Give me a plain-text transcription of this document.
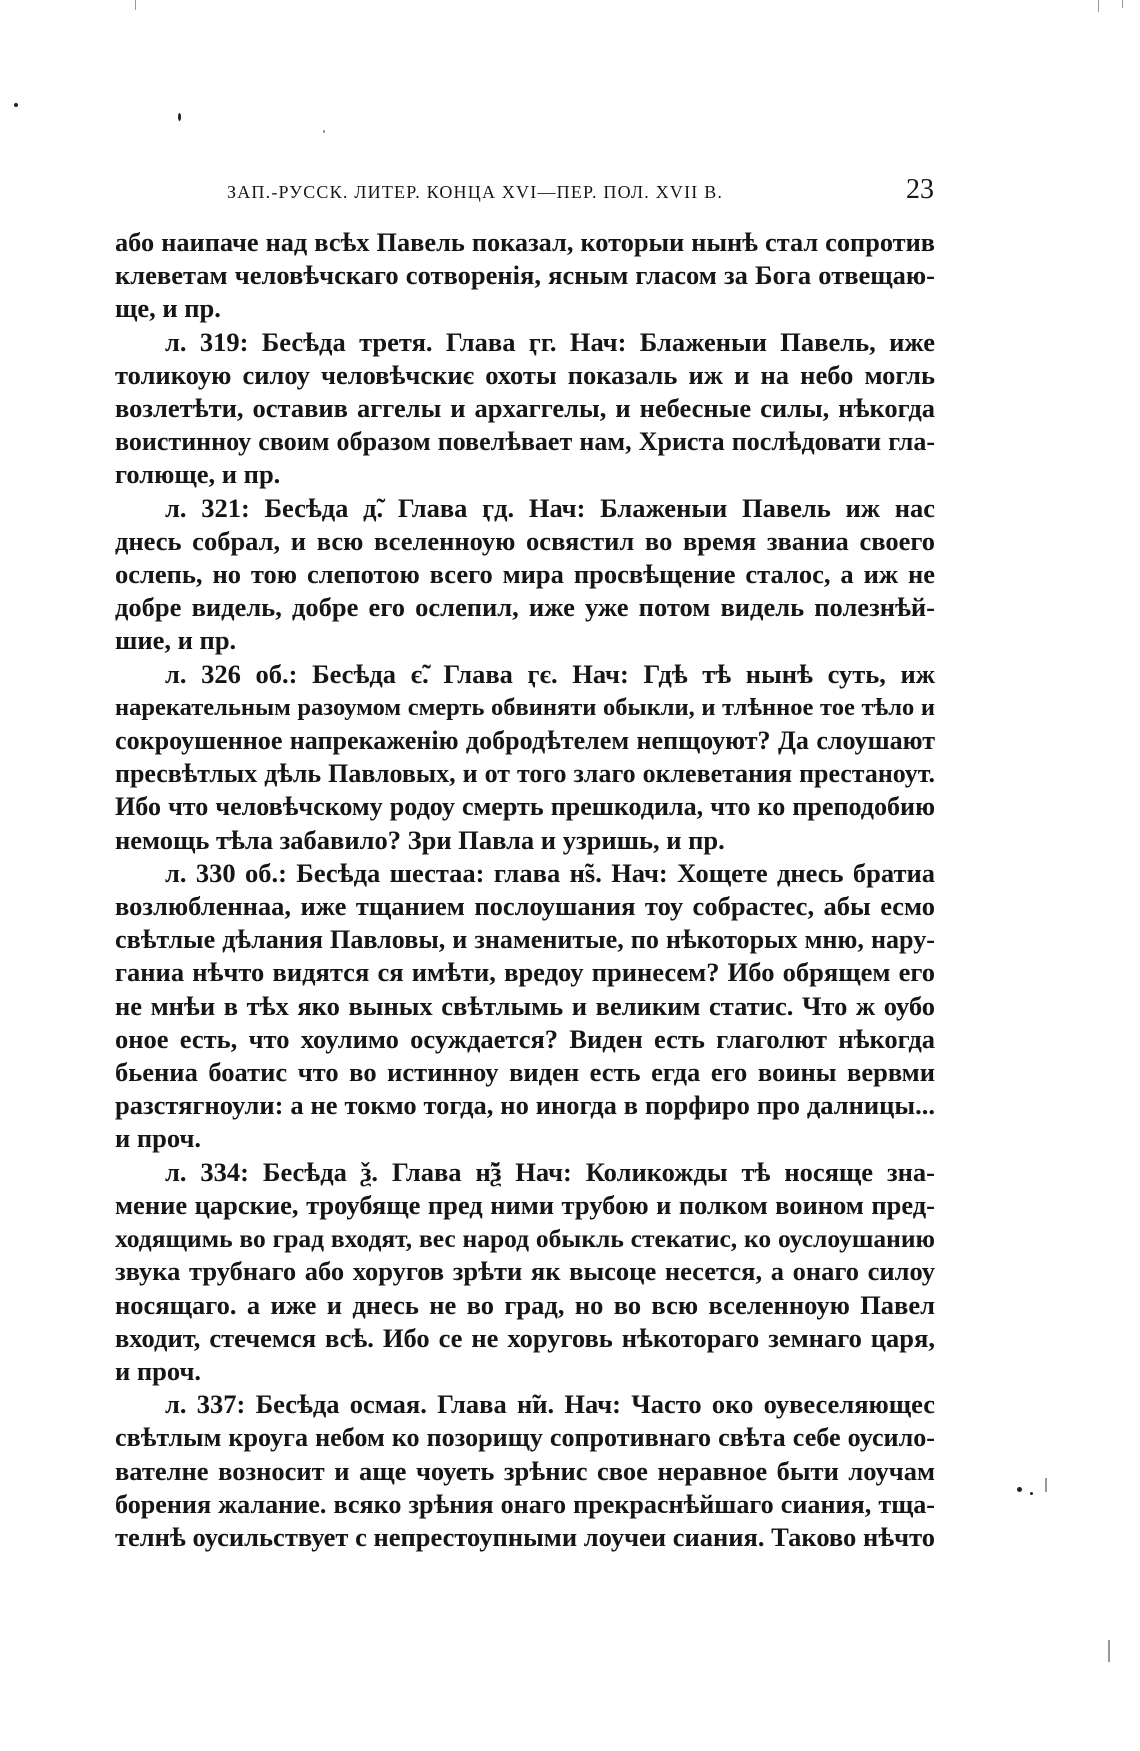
ЗАП.-РУССК. ЛИТЕР. КОНЦА XVI—ПЕР. ПОЛ. XVII В.	23

або наипаче над всѣх Павель показал, которыи нынѣ стал сопротив
клеветам человѣчскаго сотворенія, ясным гласом за Бога отвещаю-
ще, и пр.

л. 319: Бесѣда третя. Глава ӷг. Нач: Блаженыи Павель, иже
толикоую силоу человѣчскиє охоты показаль иж и на небо могль
возлетѣти, оставив аггелы и архаггелы, и небесные силы, нѣкогда
воистинноу своим образом повелѣвает нам, Христа послѣдовати гла-
голюще, и пр.

л. 321: Бесѣда д̃. Глава ӷд. Нач: Блаженыи Павель иж нас
днесь собрал, и всю вселенноую освястил во время званиа своего
ослепь, но тою слепотою всего мира просвѣщение сталос, а иж не
добре видель, добре его ослепил, иже уже потом видель полезнѣй-
шие, и пр.

л. 326 об.: Бесѣда є̃. Глава ӷє. Нач: Гдѣ тѣ нынѣ суть, иж
нарекательным разоумом смерть обвиняти обыкли, и тлѣнное тое тѣло и
сокроушенное напрекаженію добродѣтелем непщоуют? Да слоушают
пресвѣтлых дѣль Павловых, и от того злаго оклеветания престаноут.
Ибо что человѣчскому родоу смерть прешкодила, что ко преподобию
немощь тѣла забавило? Зри Павла и узришь, и пр.

л. 330 об.: Бесѣда шестаа: глава н̃ѕ. Нач: Хощете днесь братиа
возлюбленнаа, иже тщанием послоушания тоу собрастес, абы есмо
свѣтлые дѣлания Павловы, и знаменитые, по нѣкоторых мню, нару-
ганиа нѣчто видятся ся имѣти, вредоу принесем? Ибо обрящем его
не мнѣи в тѣх яко выных свѣтлымь и великим статис. Что ж оубо
оное есть, что хоулимо осуждается? Виден есть глаголют нѣкогда
бьениа боатис что во истинноу виден есть егда его воины вервми
разстягноули: а не токмо тогда, но иногда в порфиро про далницы...
и проч.

л. 334: Бесѣда ѯ. Глава н̃ѯ Нач: Коликожды тѣ носяще зна-
мение царские, троубяще пред ними трубою и полком воином пред-
ходящимь во град входят, вес народ обыкль стекатис, ко оуслоушанию
звука трубнаго або хоругов зрѣти як высоце несется, а онаго силоу
носящаго. а иже и днесь не во град, но во всю вселенноую Павел
входит, стечемся всѣ. Ибо се не хоруговь нѣкотораго земнаго царя,
и проч.

л. 337: Бесѣда осмая. Глава н̃и. Нач: Часто око оувеселяющес
свѣтлым кроуга небом ко позорищу сопротивнаго свѣта себе оусило-
вателне возносит и аще чоуеть зрѣнис свое неравное быти лоучам
борения жалание. всяко зрѣния онаго прекраснѣйшаго сиания, тща-
телнѣ оусильствует с непрестоупными лоучеи сиания. Таково нѣчто
